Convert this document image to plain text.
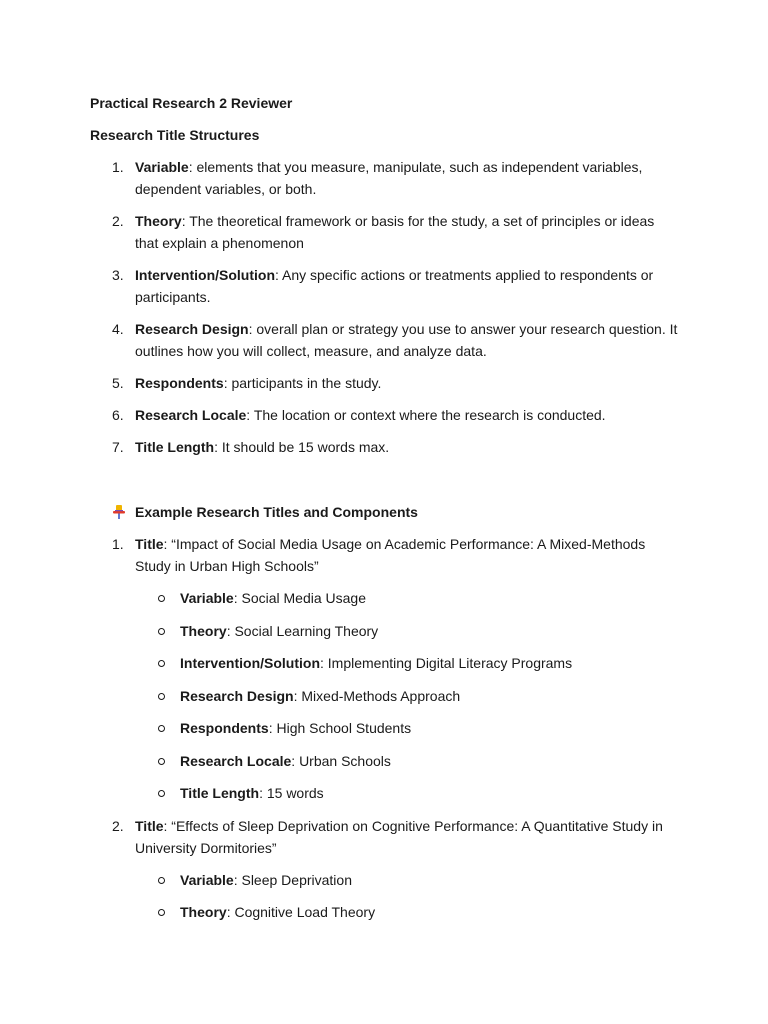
Practical Research 2 Reviewer
Research Title Structures
1. Variable: elements that you measure, manipulate, such as independent variables, dependent variables, or both.
2. Theory: The theoretical framework or basis for the study, a set of principles or ideas that explain a phenomenon
3. Intervention/Solution: Any specific actions or treatments applied to respondents or participants.
4. Research Design: overall plan or strategy you use to answer your research question. It outlines how you will collect, measure, and analyze data.
5. Respondents: participants in the study.
6. Research Locale: The location or context where the research is conducted.
7. Title Length: It should be 15 words max.
Example Research Titles and Components
1. Title: “Impact of Social Media Usage on Academic Performance: A Mixed-Methods Study in Urban High Schools”
Variable: Social Media Usage
Theory: Social Learning Theory
Intervention/Solution: Implementing Digital Literacy Programs
Research Design: Mixed-Methods Approach
Respondents: High School Students
Research Locale: Urban Schools
Title Length: 15 words
2. Title: “Effects of Sleep Deprivation on Cognitive Performance: A Quantitative Study in University Dormitories”
Variable: Sleep Deprivation
Theory: Cognitive Load Theory
